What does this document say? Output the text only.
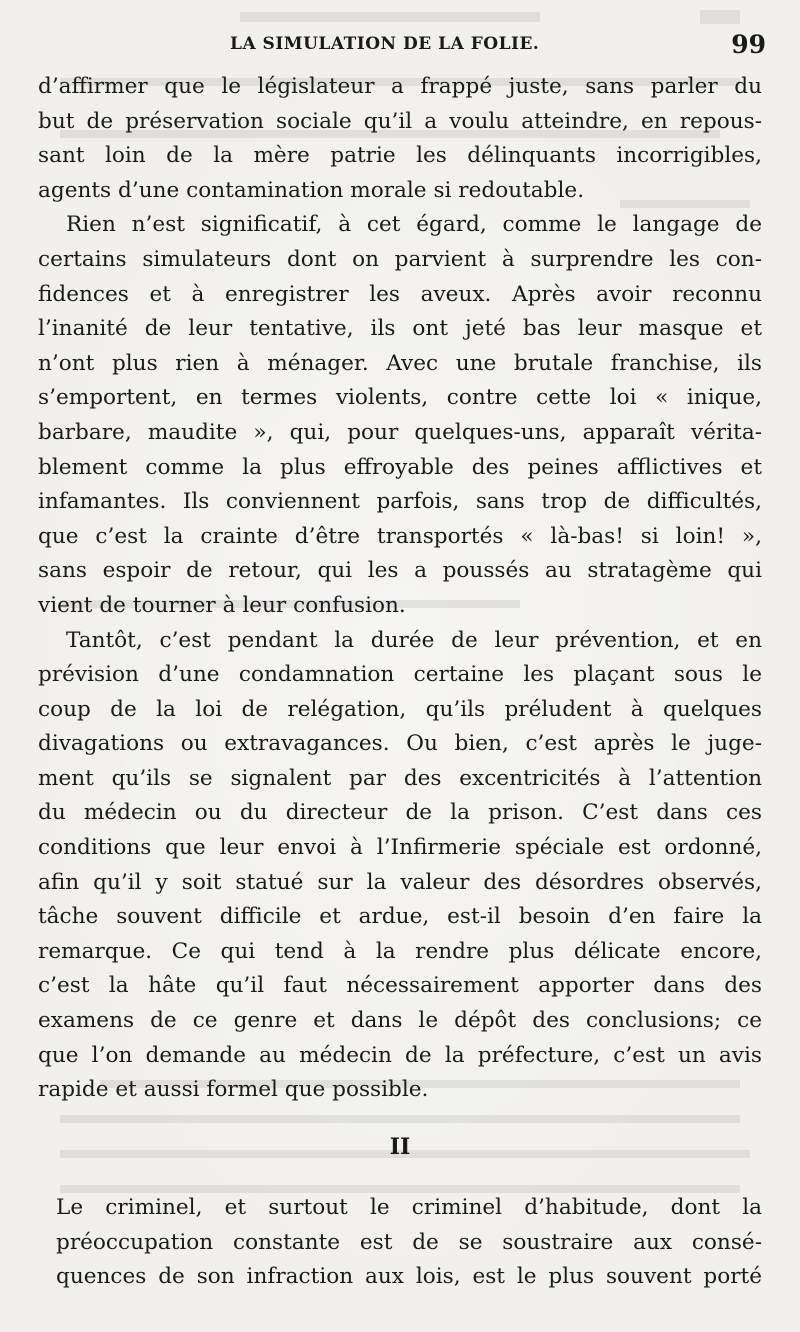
LA SIMULATION DE LA FOLIE.	99

d’affirmer que le législateur a frappé juste, sans parler du
but de préservation sociale qu’il a voulu atteindre, en repous-
sant loin de la mère patrie les délinquants incorrigibles,
agents d’une contamination morale si redoutable.

Rien n’est significatif, à cet égard, comme le langage de
certains simulateurs dont on parvient à surprendre les con-
fidences et à enregistrer les aveux. Après avoir reconnu
l’inanité de leur tentative, ils ont jeté bas leur masque et
n’ont plus rien à ménager. Avec une brutale franchise, ils
s’emportent, en termes violents, contre cette loi « inique,
barbare, maudite », qui, pour quelques-uns, apparaît vérita-
blement comme la plus effroyable des peines afflictives et
infamantes. Ils conviennent parfois, sans trop de difficultés,
que c’est la crainte d’être transportés « là-bas! si loin! »,
sans espoir de retour, qui les a poussés au stratagème qui
vient de tourner à leur confusion.

Tantôt, c’est pendant la durée de leur prévention, et en
prévision d’une condamnation certaine les plaçant sous le
coup de la loi de relégation, qu’ils préludent à quelques
divagations ou extravagances. Ou bien, c’est après le juge-
ment qu’ils se signalent par des excentricités à l’attention
du médecin ou du directeur de la prison. C’est dans ces
conditions que leur envoi à l’Infirmerie spéciale est ordonné,
afin qu’il y soit statué sur la valeur des désordres observés,
tâche souvent difficile et ardue, est-il besoin d’en faire la
remarque. Ce qui tend à la rendre plus délicate encore,
c’est la hâte qu’il faut nécessairement apporter dans des
examens de ce genre et dans le dépôt des conclusions; ce
que l’on demande au médecin de la préfecture, c’est un avis
rapide et aussi formel que possible.

II

Le criminel, et surtout le criminel d’habitude, dont la
préoccupation constante est de se soustraire aux consé-
quences de son infraction aux lois, est le plus souvent porté
